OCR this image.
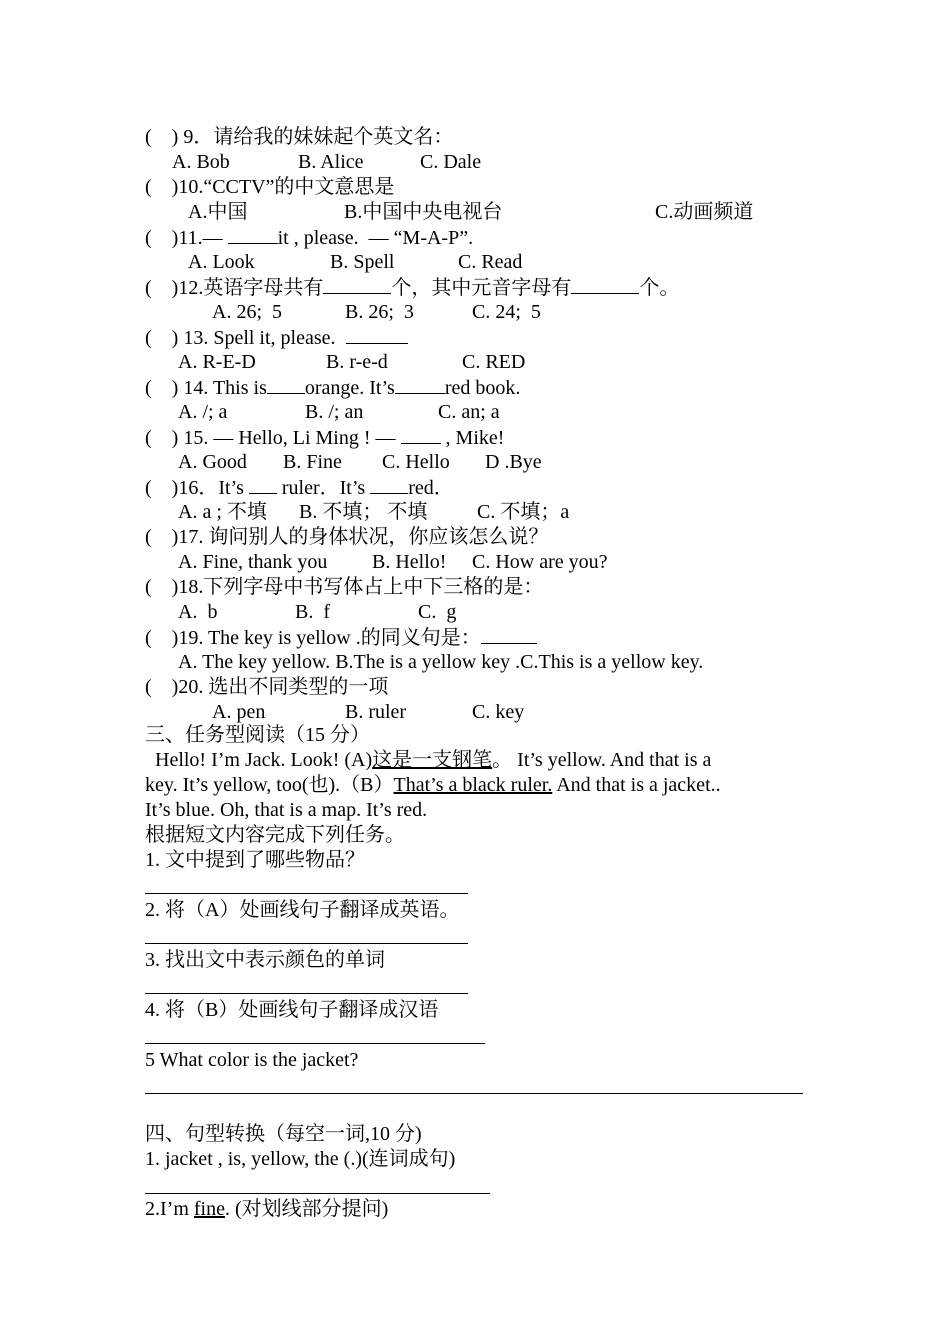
(    ) 9．请给我的妹妹起个英文名：
A. Bob	B. Alice	C. Dale
(    )10.“CCTV”的中文意思是
A.中国	B.中国中央电视台	C.动画频道
(    )11.—	it , please.  — “M-A-P”.
A. Look	B. Spell	C. Read
(    )12.英语字母共有	个，其中元音字母有	个。
A. 26;  5	B. 26;  3	C. 24;  5
(    ) 13. Spell it, please.
A. R-E-D	B. r-e-d	C. RED
(    ) 14. This is orange. It’s	red book.
A. /; a	B. /; an	C. an; a
(    ) 15. — Hello, Li Ming ! —  , Mike!
A. Good B. Fine C. Hello D .Bye
(    )16．It’s  ruler．It’s red．
A. a ; 不填 B. 不填； 不填 C. 不填；a
(    )17. 询问别人的身体状况，你应该怎么说？
A. Fine, thank you B. Hello! C. How are you?
(    )18.下列字母中书写体占上中下三格的是：
A.  b	B.  f	C.  g
(    )19. The key is yellow .的同义句是：
A. The key yellow. B.The is a yellow key .C.This is a yellow key.
(    )20. 选出不同类型的一项
A. pen	B. ruler	C. key
三、任务型阅读（15 分）
Hello! I’m Jack. Look! (A)这是一支钢笔。 It’s yellow. And that is a
key. It’s yellow, too(也).（B）That’s a black ruler. And that is a jacket..
It’s blue. Oh, that is a map. It’s red.
根据短文内容完成下列任务。
1. 文中提到了哪些物品？
2. 将（A）处画线句子翻译成英语。
3. 找出文中表示颜色的单词
4. 将（B）处画线句子翻译成汉语
5 What color is the jacket?
四、句型转换（每空一词,10 分)
1. jacket , is, yellow, the (.)(连词成句)
2.I’m fine. (对划线部分提问)
